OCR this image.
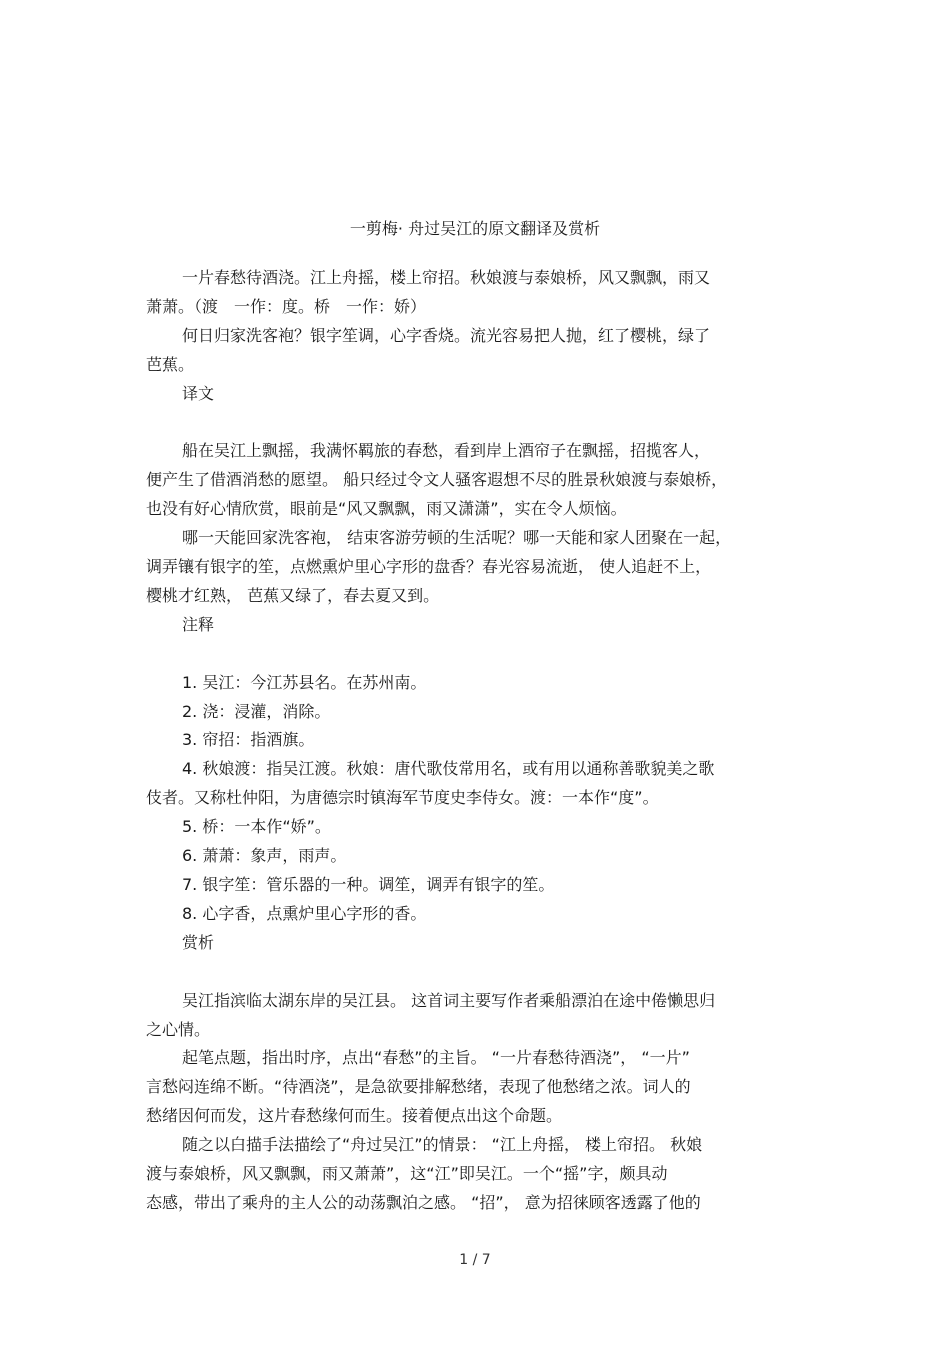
一剪梅· 舟过吴江的原文翻译及赏析

一片春愁待酒浇。江上舟摇，楼上帘招。秋娘渡与泰娘桥，风又飘飘，雨又
萧萧。（渡　一作：度。桥　一作：娇）

何日归家洗客袍？银字笙调，心字香烧。流光容易把人抛，红了樱桃，绿了
芭蕉。

译文

船在吴江上飘摇，我满怀羁旅的春愁，看到岸上酒帘子在飘摇，招揽客人，
便产生了借酒消愁的愿望。 船只经过令文人骚客遐想不尽的胜景秋娘渡与泰娘桥，
也没有好心情欣赏，眼前是“风又飘飘，雨又潇潇”，实在令人烦恼。

哪一天能回家洗客袍， 结束客游劳顿的生活呢？哪一天能和家人团聚在一起，
调弄镶有银字的笙，点燃熏炉里心字形的盘香？春光容易流逝， 使人追赶不上，
樱桃才红熟， 芭蕉又绿了，春去夏又到。

注释

1. 吴江：今江苏县名。在苏州南。

2. 浇：浸灌，消除。

3. 帘招：指酒旗。

4. 秋娘渡：指吴江渡。秋娘：唐代歌伎常用名，或有用以通称善歌貌美之歌
伎者。又称杜仲阳，为唐德宗时镇海军节度史李侍女。渡：一本作“度”。

5. 桥：一本作“娇”。

6. 萧萧：象声，雨声。

7. 银字笙：管乐器的一种。调笙，调弄有银字的笙。

8. 心字香，点熏炉里心字形的香。

赏析

吴江指滨临太湖东岸的吴江县。 这首词主要写作者乘船漂泊在途中倦懒思归
之心情。

起笔点题，指出时序，点出“春愁”的主旨。 “一片春愁待酒浇”， “一片”
言愁闷连绵不断。“待酒浇”，是急欲要排解愁绪，表现了他愁绪之浓。词人的
愁绪因何而发，这片春愁缘何而生。接着便点出这个命题。

随之以白描手法描绘了“舟过吴江”的情景： “江上舟摇， 楼上帘招。 秋娘
渡与泰娘桥，风又飘飘，雨又萧萧”，这“江”即吴江。一个“摇”字，颇具动
态感，带出了乘舟的主人公的动荡飘泊之感。 “招”， 意为招徕顾客透露了他的

1 / 7
